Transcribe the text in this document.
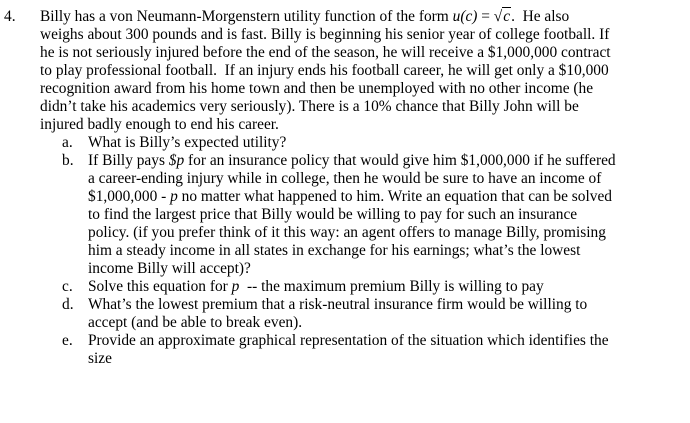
4. Billy has a von Neumann-Morgenstern utility function of the form u(c) = √c.  He also
weighs about 300 pounds and is fast. Billy is beginning his senior year of college football. If
he is not seriously injured before the end of the season, he will receive a $1,000,000 contract
to play professional football.  If an injury ends his football career, he will get only a $10,000
recognition award from his home town and then be unemployed with no other income (he
didn’t take his academics very seriously). There is a 10% chance that Billy John will be
injured badly enough to end his career.
a. What is Billy’s expected utility?
b. If Billy pays $p for an insurance policy that would give him $1,000,000 if he suffered
a career-ending injury while in college, then he would be sure to have an income of
$1,000,000 - p no matter what happened to him. Write an equation that can be solved
to find the largest price that Billy would be willing to pay for such an insurance
policy. (if you prefer think of it this way: an agent offers to manage Billy, promising
him a steady income in all states in exchange for his earnings; what’s the lowest
income Billy will accept)?
c. Solve this equation for p  -- the maximum premium Billy is willing to pay
d. What’s the lowest premium that a risk-neutral insurance firm would be willing to
accept (and be able to break even).
e. Provide an approximate graphical representation of the situation which identifies the
size
